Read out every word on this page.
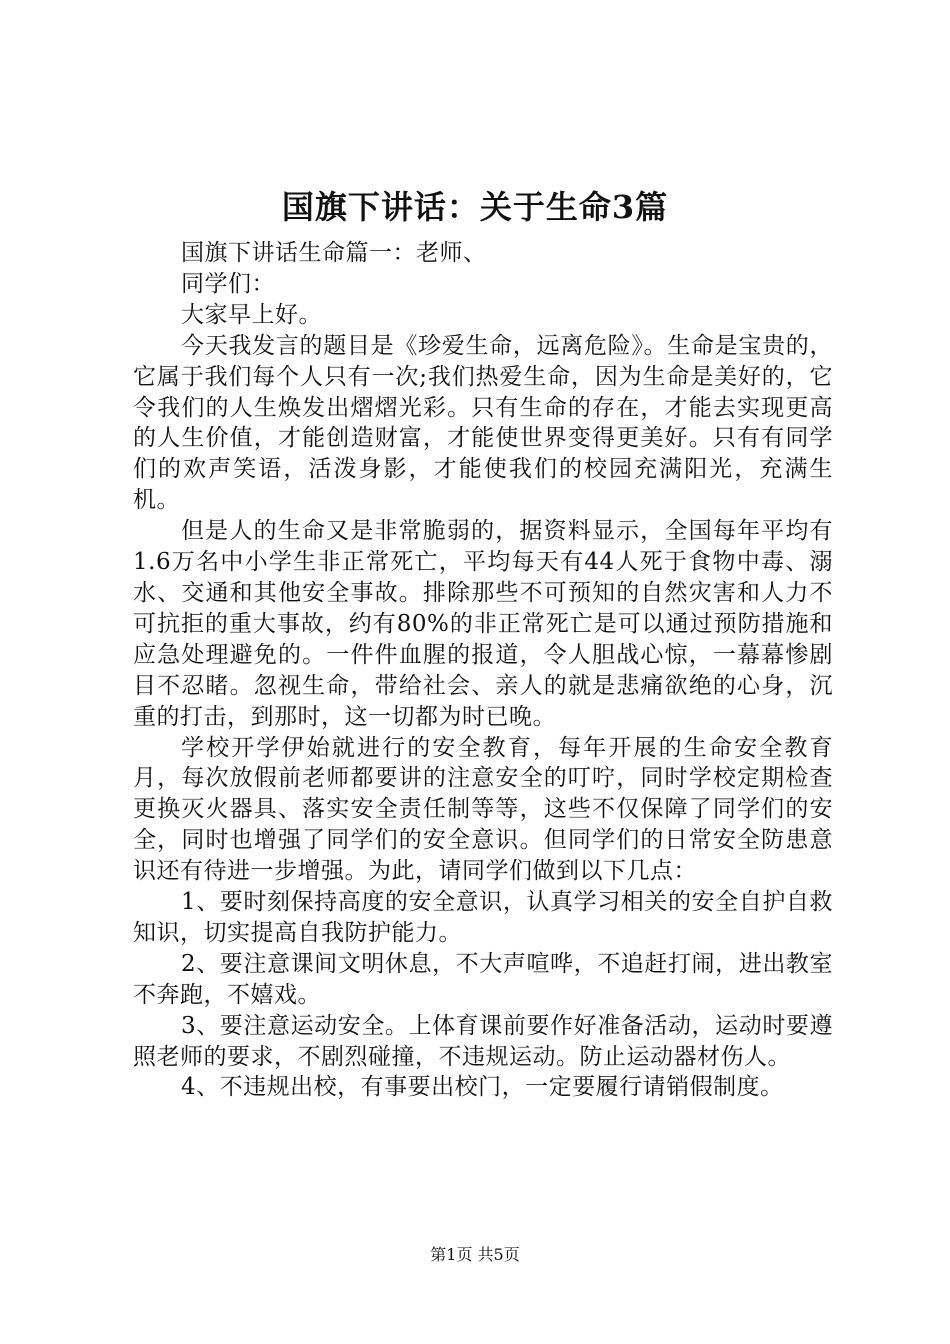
国旗下讲话：关于生命3篇

国旗下讲话生命篇一：老师、

同学们：

大家早上好。

今天我发言的题目是《珍爱生命，远离危险》。生命是宝贵的，它属于我们每个人只有一次;我们热爱生命，因为生命是美好的，它令我们的人生焕发出熠熠光彩。只有生命的存在，才能去实现更高的人生价值，才能创造财富，才能使世界变得更美好。只有有同学们的欢声笑语，活泼身影，才能使我们的校园充满阳光，充满生机。

但是人的生命又是非常脆弱的，据资料显示，全国每年平均有1.6万名中小学生非正常死亡，平均每天有44人死于食物中毒、溺水、交通和其他安全事故。排除那些不可预知的自然灾害和人力不可抗拒的重大事故，约有80%的非正常死亡是可以通过预防措施和应急处理避免的。一件件血腥的报道，令人胆战心惊，一幕幕惨剧目不忍睹。忽视生命，带给社会、亲人的就是悲痛欲绝的心身，沉重的打击，到那时，这一切都为时已晚。

学校开学伊始就进行的安全教育，每年开展的生命安全教育月，每次放假前老师都要讲的注意安全的叮咛，同时学校定期检查更换灭火器具、落实安全责任制等等，这些不仅保障了同学们的安全，同时也增强了同学们的安全意识。但同学们的日常安全防患意识还有待进一步增强。为此，请同学们做到以下几点：

1、要时刻保持高度的安全意识，认真学习相关的安全自护自救知识，切实提高自我防护能力。

2、要注意课间文明休息，不大声喧哗，不追赶打闹，进出教室不奔跑，不嬉戏。

3、要注意运动安全。上体育课前要作好准备活动，运动时要遵照老师的要求，不剧烈碰撞，不违规运动。防止运动器材伤人。

4、不违规出校，有事要出校门，一定要履行请销假制度。

第1页 共5页
